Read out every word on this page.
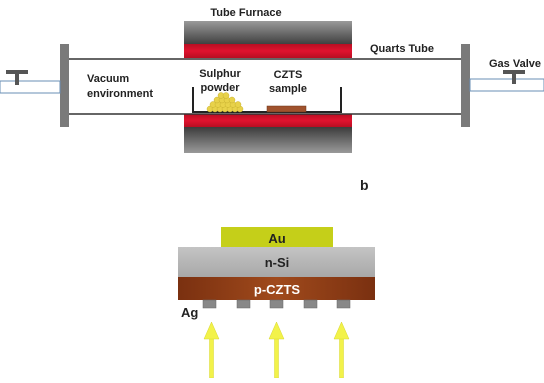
Tube Furnace
Quarts Tube
Gas Valve
Vacuum
environment
Sulphur
powder
CZTS
sample
b
Au
n-Si
p-CZTS
Ag
